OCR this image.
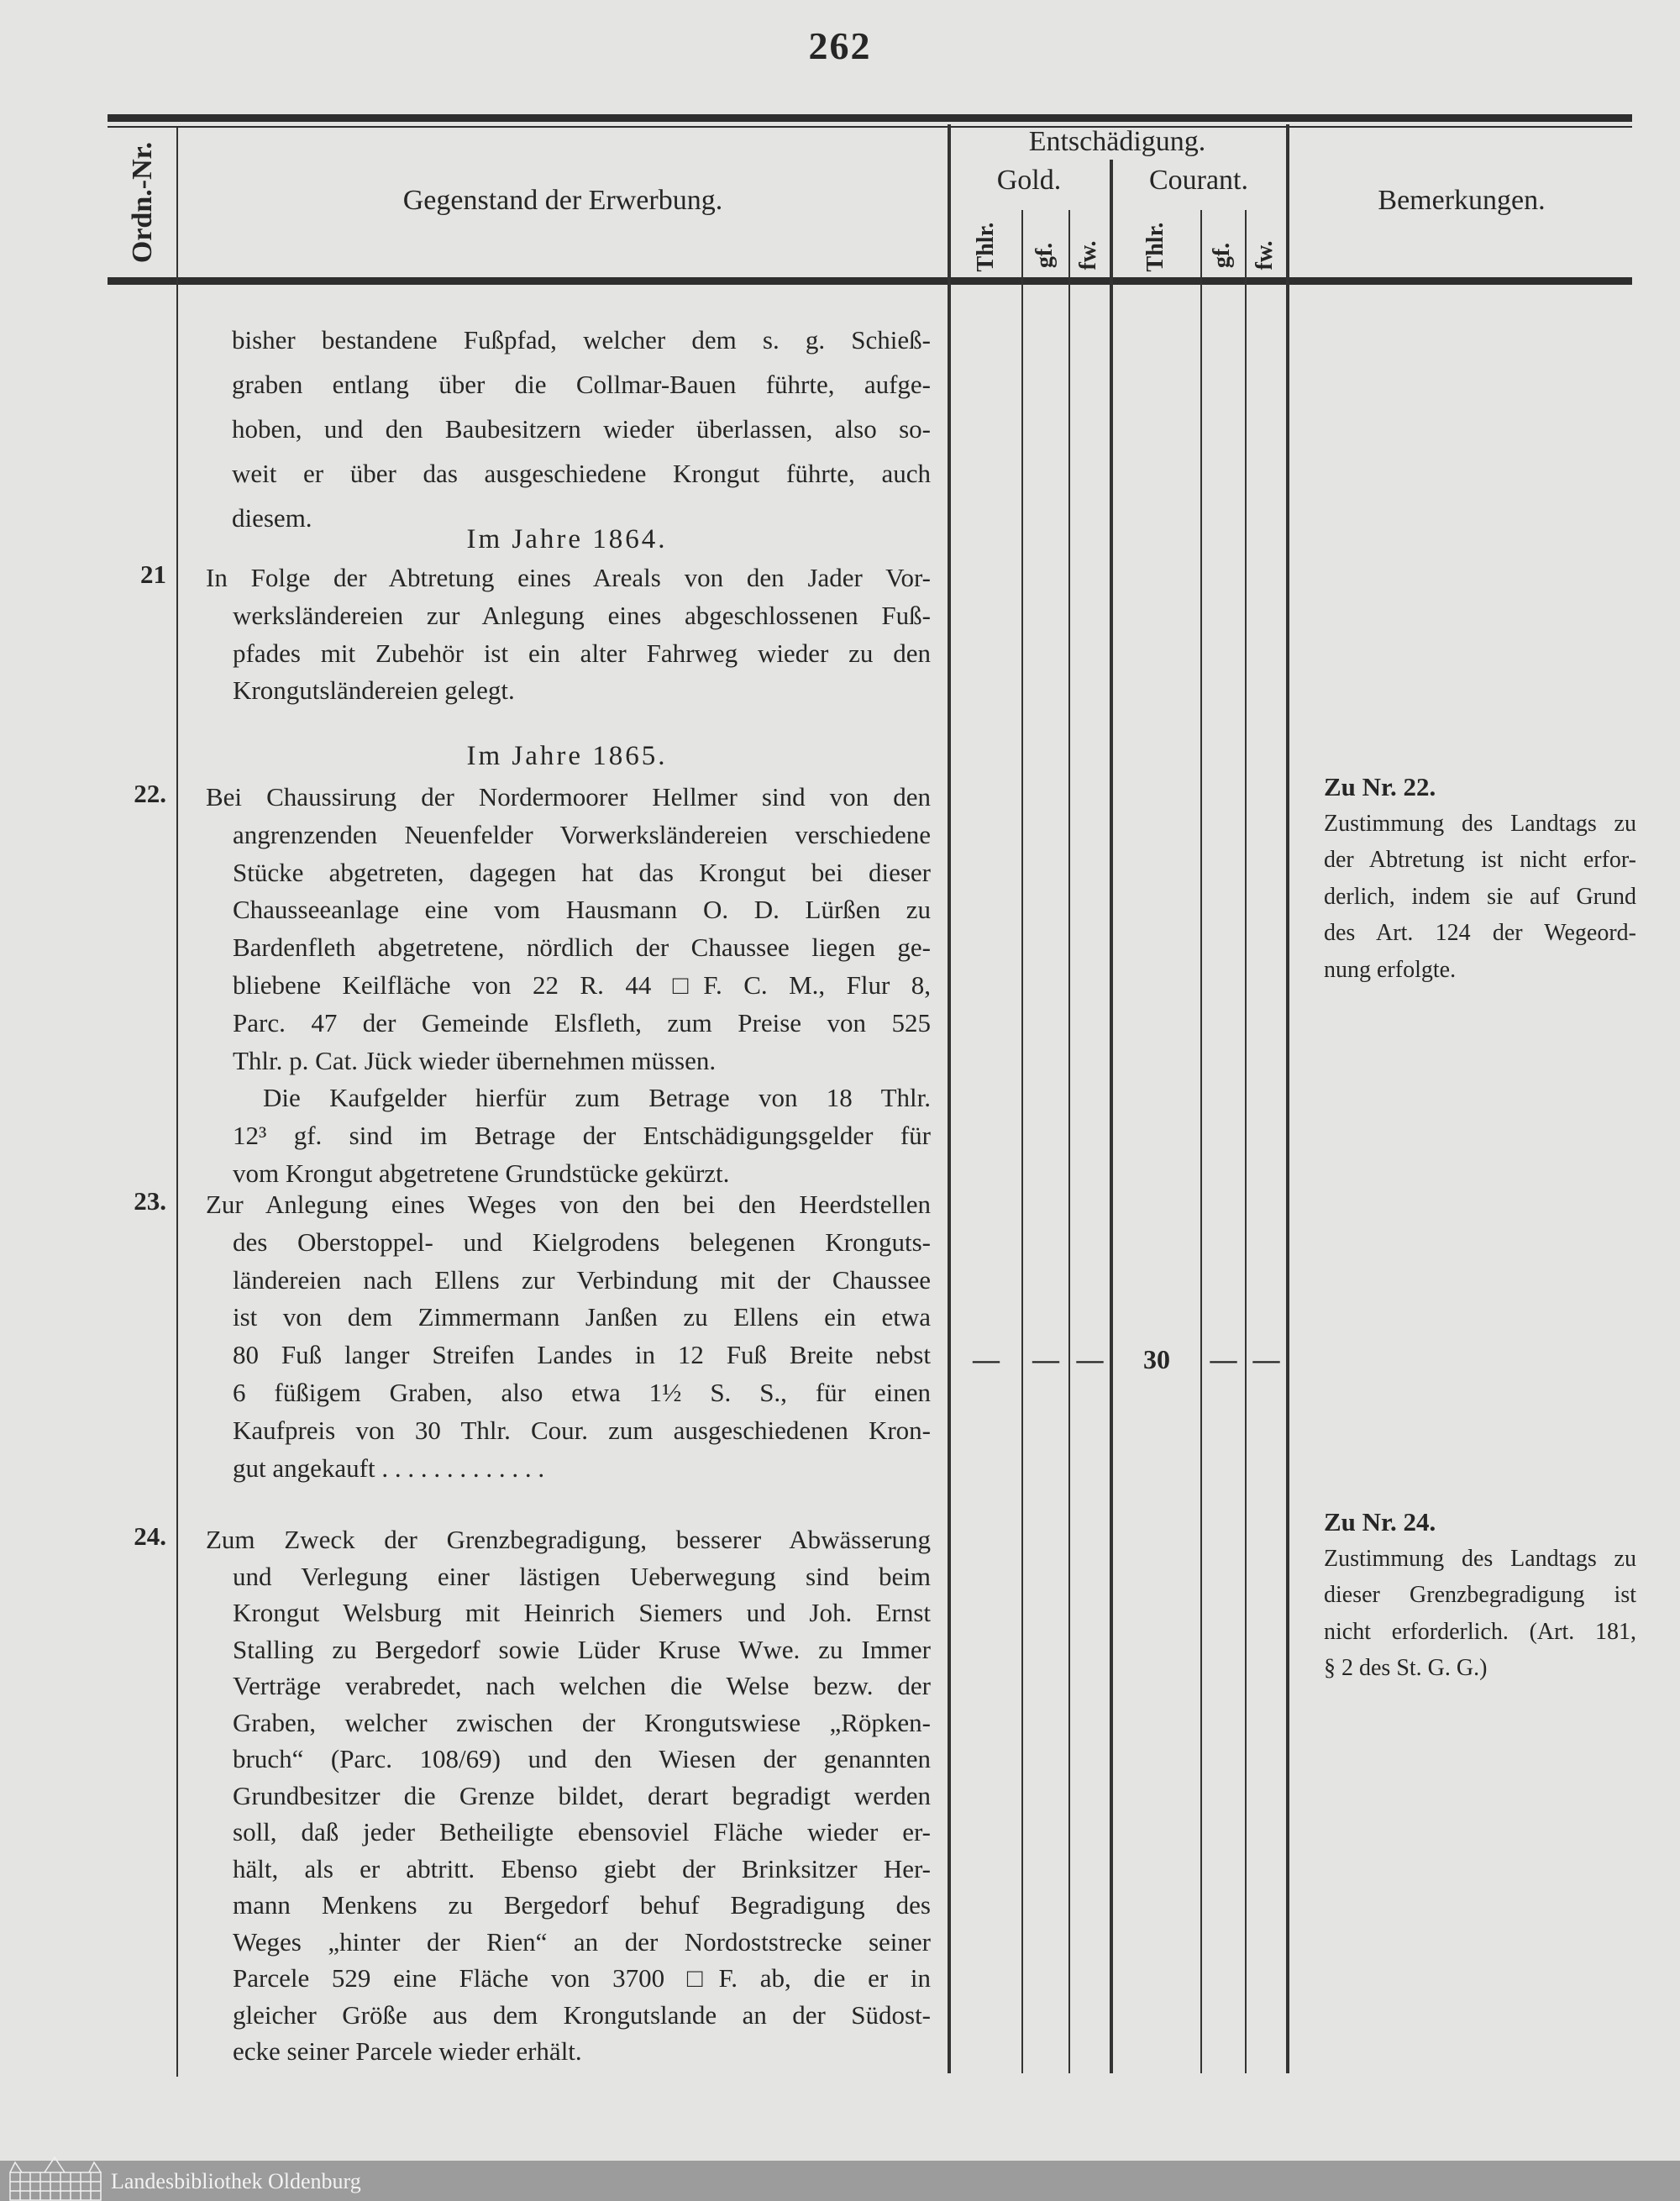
262
Ordn.-Nr.	Gegenstand der Erwerbung.
Entschädigung.
Gold.	Courant.
Thlr. gf. fw. Thlr. gf. fw.
Bemerkungen.
bisher bestandene Fußpfad, welcher dem s. g. Schieß-
graben entlang über die Collmar-Bauen führte, aufge-
hoben, und den Baubesitzern wieder überlassen, also so-
weit er über das ausgeschiedene Krongut führte, auch
diesem.
Im Jahre 1864.
21 In Folge der Abtretung eines Areals von den Jader Vor-
werksländereien zur Anlegung eines abgeschlossenen Fuß-
pfades mit Zubehör ist ein alter Fahrweg wieder zu den
Krongutsländereien gelegt.
Im Jahre 1865.
22. Bei Chaussirung der Nordermoorer Hellmer sind von den
angrenzenden Neuenfelder Vorwerksländereien verschiedene
Stücke abgetreten, dagegen hat das Krongut bei dieser
Chausseeanlage eine vom Hausmann O. D. Lürßen zu
Bardenfleth abgetretene, nördlich der Chaussee liegen ge-
bliebene Keilfläche von 22 R. 44 □F. C. M., Flur 8,
Parc. 47 der Gemeinde Elsfleth, zum Preise von 525
Thlr. p. Cat. Jück wieder übernehmen müssen.
Die Kaufgelder hierfür zum Betrage von 18 Thlr.
12³ gf. sind im Betrage der Entschädigungsgelder für
vom Krongut abgetretene Grundstücke gekürzt.
23. Zur Anlegung eines Weges von den bei den Heerdstellen
des Oberstoppel- und Kielgrodens belegenen Kronguts-
ländereien nach Ellens zur Verbindung mit der Chaussee
ist von dem Zimmermann Janßen zu Ellens ein etwa
80 Fuß langer Streifen Landes in 12 Fuß Breite nebst
6 füßigem Graben, also etwa 1½ S. S., für einen
Kaufpreis von 30 Thlr. Cour. zum ausgeschiedenen Kron-
gut angekauft . . . . . . . . . . . . .
—	— —	30	— —
24. Zum Zweck der Grenzbegradigung, besserer Abwässerung
und Verlegung einer lästigen Ueberwegung sind beim
Krongut Welsburg mit Heinrich Siemers und Joh. Ernst
Stalling zu Bergedorf sowie Lüder Kruse Wwe. zu Immer
Verträge verabredet, nach welchen die Welse bezw. der
Graben, welcher zwischen der Krongutswiese „Röpken-
bruch“ (Parc. 108/69) und den Wiesen der genannten
Grundbesitzer die Grenze bildet, derart begradigt werden
soll, daß jeder Betheiligte ebensoviel Fläche wieder er-
hält, als er abtritt. Ebenso giebt der Brinksitzer Her-
mann Menkens zu Bergedorf behuf Begradigung des
Weges „hinter der Rien“ an der Nordoststrecke seiner
Parcele 529 eine Fläche von 3700 □F. ab, die er in
gleicher Größe aus dem Krongutslande an der Südost-
ecke seiner Parcele wieder erhält.
Zu Nr. 22.
Zustimmung des Landtags zu
der Abtretung ist nicht erfor-
derlich, indem sie auf Grund
des Art. 124 der Wegeord-
nung erfolgte.
Zu Nr. 24.
Zustimmung des Landtags zu
dieser Grenzbegradigung ist
nicht erforderlich. (Art. 181,
§ 2 des St. G. G.)
Landesbibliothek Oldenburg
